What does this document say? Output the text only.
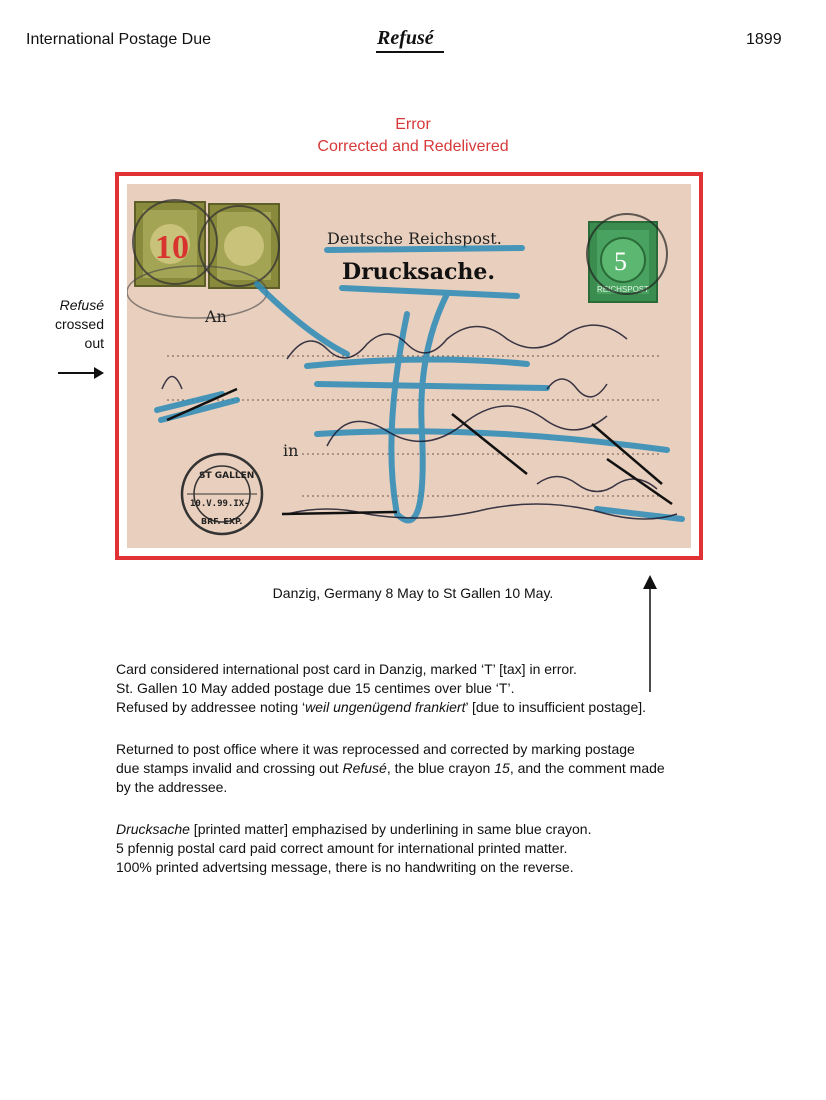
International Postage Due	Refusé	1899
Error
Corrected and Redelivered
Refusé
crossed
out
10	5
REICHSPOST
Deutsche Reichspost.
Drucksache.
An
in
ST GALLEN
10.V.99.IX-
BRF. EXP.
Danzig, Germany 8 May to St Gallen 10 May.

Card considered international post card in Danzig, marked ‘T’ [tax] in error.

St. Gallen 10 May added postage due 15 centimes over blue ‘T’.

Refused by addressee noting ‘weil ungenügend frankiert’ [due to insufficient postage].

Returned to post office where it was reprocessed and corrected by marking postage

due stamps invalid and crossing out Refusé, the blue crayon 15, and the comment made

by the addressee.

Drucksache [printed matter] emphazised by underlining in same blue crayon.

5 pfennig postal card paid correct amount for international printed matter.

100% printed advertsing message, there is no handwriting on the reverse.
